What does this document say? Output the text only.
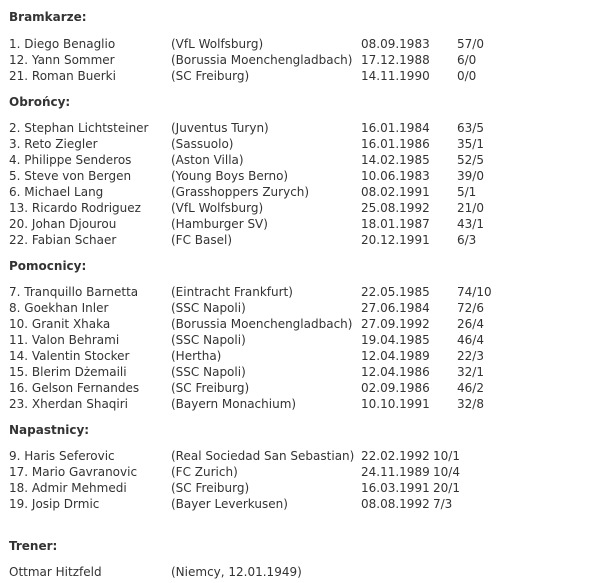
Bramkarze:
1. Diego Benaglio	(VfL Wolfsburg)	08.09.1983 57/0
12. Yann Sommer	(Borussia Moenchengladbach) 17.12.1988 6/0
21. Roman Buerki	(SC Freiburg)	14.11.1990 0/0
Obrońcy:
2. Stephan Lichtsteiner (Juventus Turyn)	16.01.1984 63/5
3. Reto Ziegler	(Sassuolo)	16.01.1986 35/1
4. Philippe Senderos	(Aston Villa)	14.02.1985 52/5
5. Steve von Bergen	(Young Boys Berno)	10.06.1983 39/0
6. Michael Lang	(Grasshoppers Zurych)	08.02.1991 5/1
13. Ricardo Rodriguez	(VfL Wolfsburg)	25.08.1992 21/0
20. Johan Djourou	(Hamburger SV)	18.01.1987 43/1
22. Fabian Schaer	(FC Basel)	20.12.1991 6/3
Pomocnicy:
7. Tranquillo Barnetta	(Eintracht Frankfurt)	22.05.1985 74/10
8. Goekhan Inler	(SSC Napoli)	27.06.1984 72/6
10. Granit Xhaka	(Borussia Moenchengladbach) 27.09.1992 26/4
11. Valon Behrami	(SSC Napoli)	19.04.1985 46/4
14. Valentin Stocker	(Hertha)	12.04.1989 22/3
15. Blerim Dżemaili	(SSC Napoli)	12.04.1986 32/1
16. Gelson Fernandes	(SC Freiburg)	02.09.1986 46/2
23. Xherdan Shaqiri	(Bayern Monachium)	10.10.1991 32/8
Napastnicy:
9. Haris Seferovic	(Real Sociedad San Sebastian) 22.02.1992 10/1
17. Mario Gavranovic	(FC Zurich)	24.11.1989 10/4
18. Admir Mehmedi	(SC Freiburg)	16.03.1991 20/1
19. Josip Drmic	(Bayer Leverkusen)	08.08.1992 7/3
Trener:
Ottmar Hitzfeld	(Niemcy, 12.01.1949)
